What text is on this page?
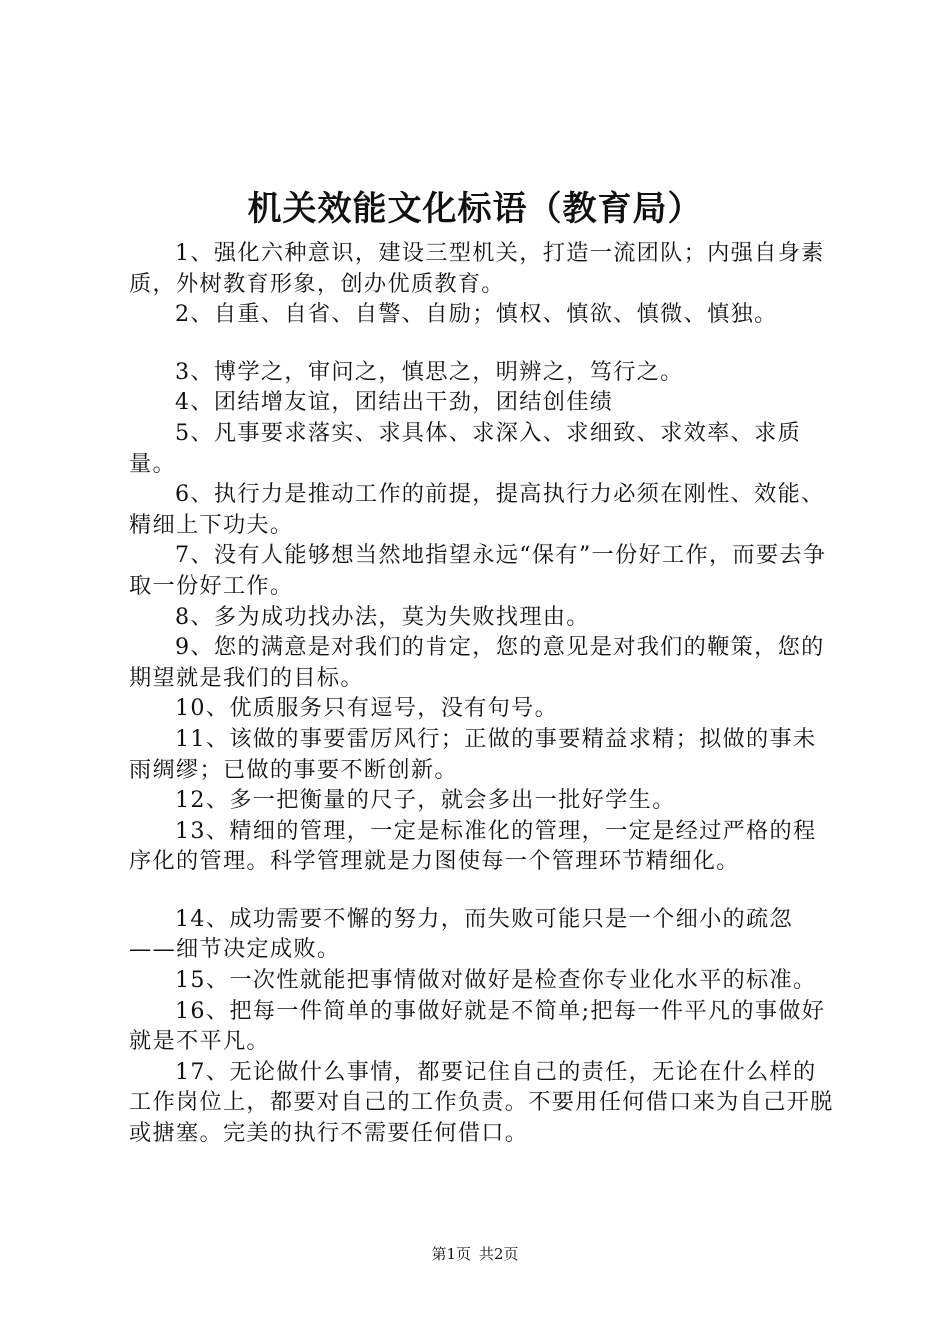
机关效能文化标语（教育局）

1、强化六种意识，建设三型机关，打造一流团队；内强自身素质，外树教育形象，创办优质教育。

2、自重、自省、自警、自励；慎权、慎欲、慎微、慎独。

3、博学之，审问之，慎思之，明辨之，笃行之。

4、团结增友谊，团结出干劲，团结创佳绩

5、凡事要求落实、求具体、求深入、求细致、求效率、求质量。

6、执行力是推动工作的前提，提高执行力必须在刚性、效能、精细上下功夫。

7、没有人能够想当然地指望永远“保有”一份好工作，而要去争取一份好工作。

8、多为成功找办法，莫为失败找理由。

9、您的满意是对我们的肯定，您的意见是对我们的鞭策，您的期望就是我们的目标。

10、优质服务只有逗号，没有句号。

11、该做的事要雷厉风行；正做的事要精益求精；拟做的事未雨绸缪；已做的事要不断创新。

12、多一把衡量的尺子，就会多出一批好学生。

13、精细的管理，一定是标准化的管理，一定是经过严格的程序化的管理。科学管理就是力图使每一个管理环节精细化。

14、成功需要不懈的努力，而失败可能只是一个细小的疏忽——细节决定成败。

15、一次性就能把事情做对做好是检查你专业化水平的标准。

16、把每一件简单的事做好就是不简单;把每一件平凡的事做好就是不平凡。

17、无论做什么事情，都要记住自己的责任，无论在什么样的工作岗位上，都要对自己的工作负责。不要用任何借口来为自己开脱或搪塞。完美的执行不需要任何借口。

第1页 共2页
